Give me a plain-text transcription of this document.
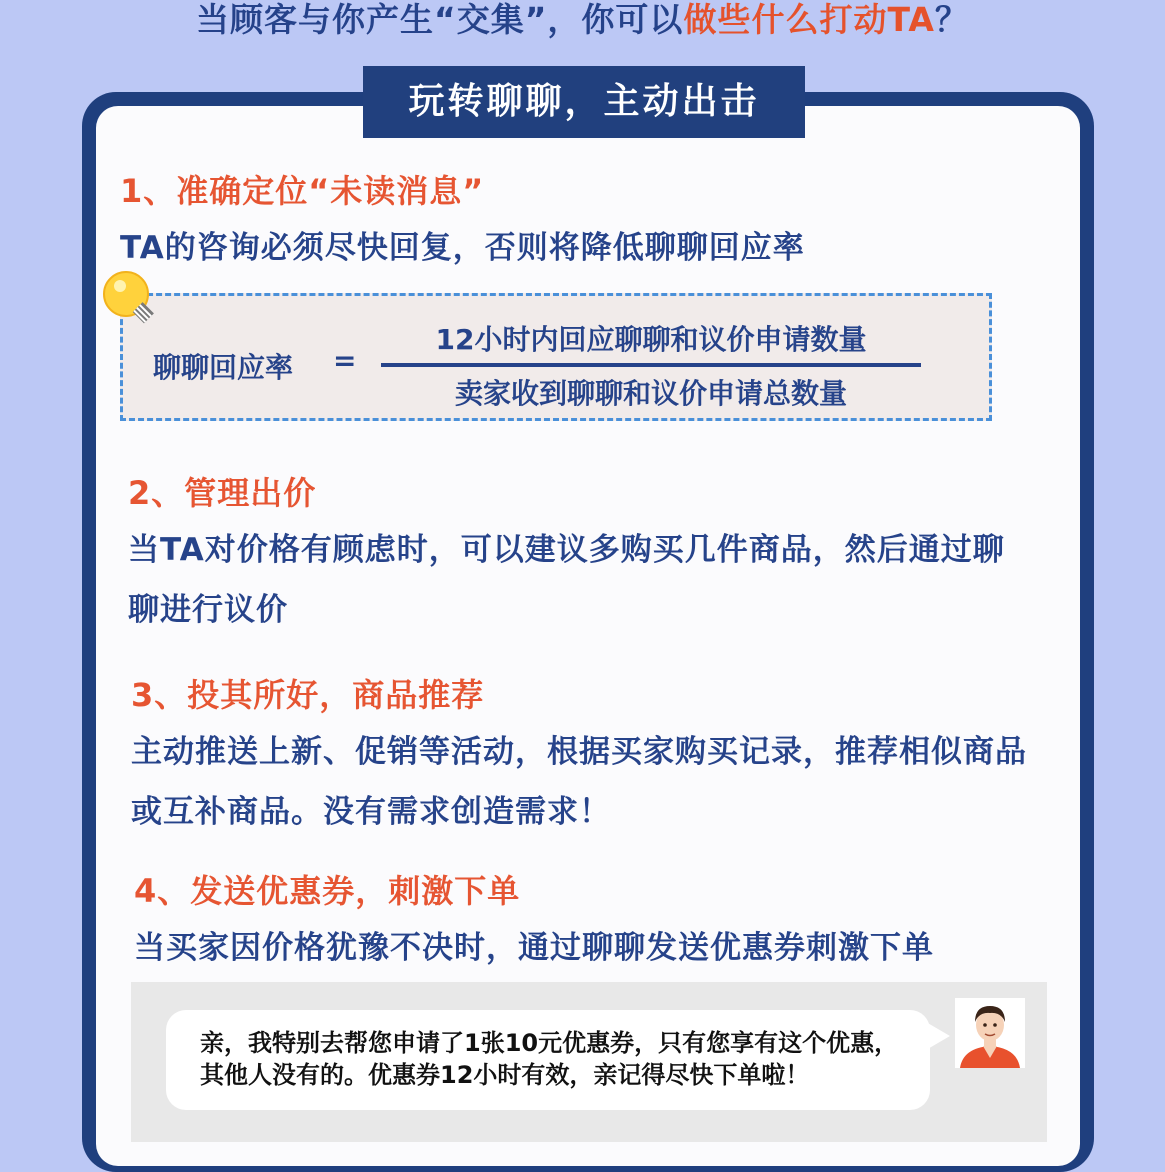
当顾客与你产生“交集”，你可以做些什么打动TA？
玩转聊聊，主动出击
1、准确定位“未读消息”
TA的咨询必须尽快回复，否则将降低聊聊回应率
聊聊回应率 =
12小时内回应聊聊和议价申请数量
卖家收到聊聊和议价申请总数量
2、管理出价
当TA对价格有顾虑时，可以建议多购买几件商品，然后通过聊聊进行议价
3、投其所好，商品推荐
主动推送上新、促销等活动，根据买家购买记录，推荐相似商品或互补商品。没有需求创造需求！
4、发送优惠券，刺激下单
当买家因价格犹豫不决时，通过聊聊发送优惠券刺激下单
亲，我特别去帮您申请了1张10元优惠券，只有您享有这个优惠，其他人没有的。优惠券12小时有效，亲记得尽快下单啦！
